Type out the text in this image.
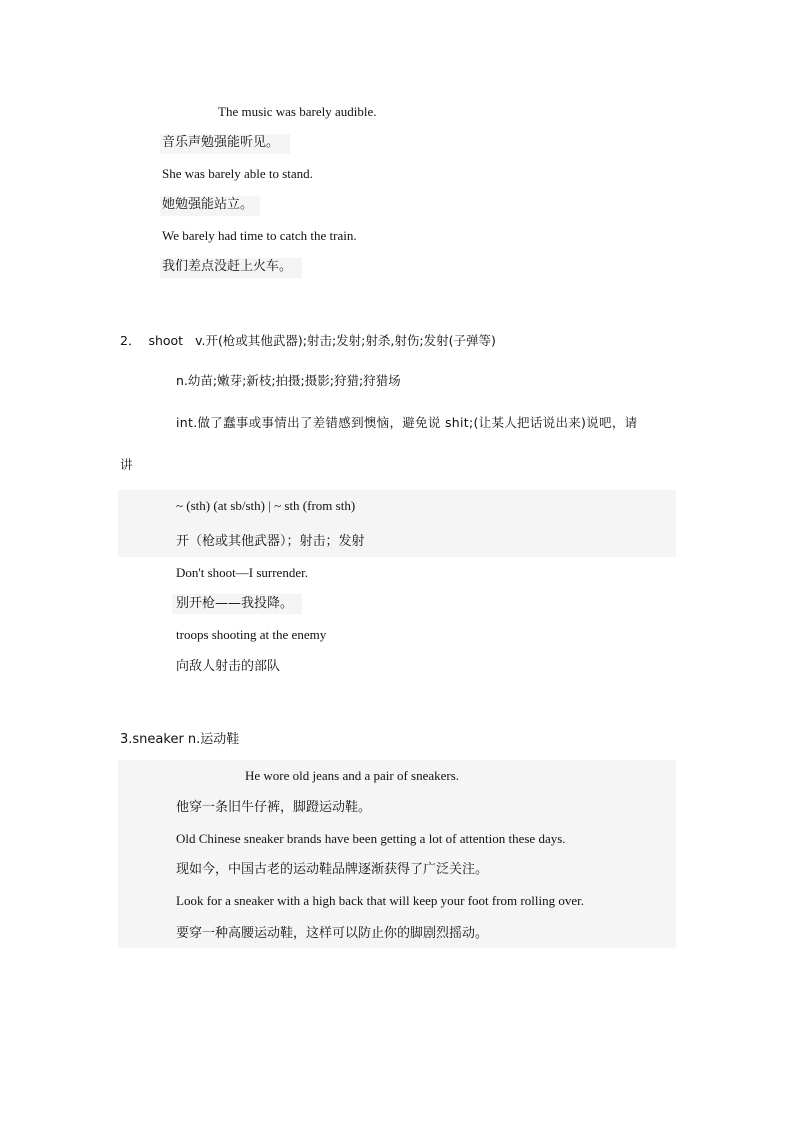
The music was barely audible.
音乐声勉强能听见。
She was barely able to stand.
她勉强能站立。
We barely had time to catch the train.
我们差点没赶上火车。
2． shoot v.开(枪或其他武器);射击;发射;射杀,射伤;发射(子弹等)
n.幼苗;嫩芽;新枝;拍摄;摄影;狩猎;狩猎场
int.做了蠢事或事情出了差错感到懊恼，避免说 shit;(让某人把话说出来)说吧，请
讲
~ (sth) (at sb/sth) | ~ sth (from sth)
开（枪或其他武器）；射击；发射
Don't shoot—I surrender.
别开枪——我投降。
troops shooting at the enemy
向敌人射击的部队
3.sneaker n.运动鞋
He wore old jeans and a pair of sneakers.
他穿一条旧牛仔裤，脚蹬运动鞋。
Old Chinese sneaker brands have been getting a lot of attention these days.
现如今，中国古老的运动鞋品牌逐渐获得了广泛关注。
Look for a sneaker with a high back that will keep your foot from rolling over.
要穿一种高腰运动鞋，这样可以防止你的脚剧烈摇动。
